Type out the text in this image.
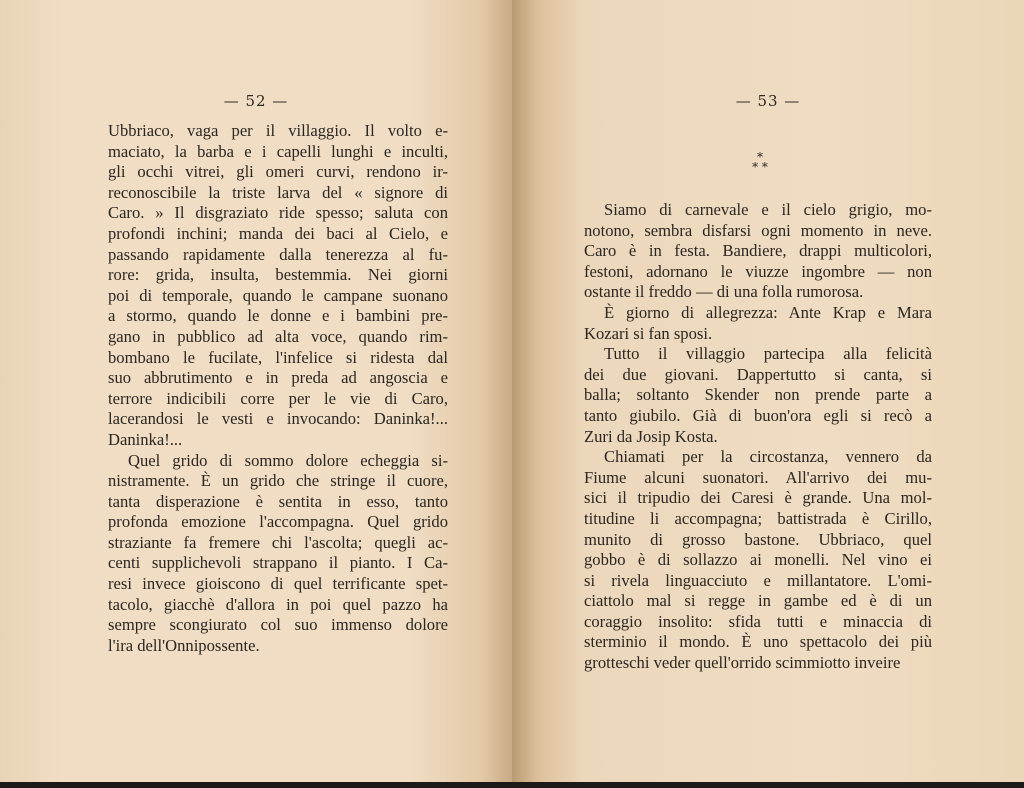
— 52 —
Ubbriaco, vaga per il villaggio. Il volto e-
maciato, la barba e i capelli lunghi e inculti,
gli occhi vitrei, gli omeri curvi, rendono ir-
reconoscibile la triste larva del « signore di
Caro. » Il disgraziato ride spesso; saluta con
profondi inchini; manda dei baci al Cielo, e
passando rapidamente dalla tenerezza al fu-
rore: grida, insulta, bestemmia. Nei giorni
poi di temporale, quando le campane suonano
a stormo, quando le donne e i bambini pre-
gano in pubblico ad alta voce, quando rim-
bombano le fucilate, l'infelice si ridesta dal
suo abbrutimento e in preda ad angoscia e
terrore indicibili corre per le vie di Caro,
lacerandosi le vesti e invocando: Daninka!...
Daninka!...
Quel grido di sommo dolore echeggia si-
nistramente. È un grido che stringe il cuore,
tanta disperazione è sentita in esso, tanto
profonda emozione l'accompagna. Quel grido
straziante fa fremere chi l'ascolta; quegli ac-
centi supplichevoli strappano il pianto. I Ca-
resi invece gioiscono di quel terrificante spet-
tacolo, giacchè d'allora in poi quel pazzo ha
sempre scongiurato col suo immenso dolore
l'ira dell'Onnipossente.
— 53 —
*
* *
Siamo di carnevale e il cielo grigio, mo-
notono, sembra disfarsi ogni momento in neve.
Caro è in festa. Bandiere, drappi multicolori,
festoni, adornano le viuzze ingombre — non
ostante il freddo — di una folla rumorosa.
È giorno di allegrezza: Ante Krap e Mara
Kozari si fan sposi.
Tutto il villaggio partecipa alla felicità
dei due giovani. Dappertutto si canta, si
balla; soltanto Skender non prende parte a
tanto giubilo. Già di buon'ora egli si recò a
Zuri da Josip Kosta.
Chiamati per la circostanza, vennero da
Fiume alcuni suonatori. All'arrivo dei mu-
sici il tripudio dei Caresi è grande. Una mol-
titudine li accompagna; battistrada è Cirillo,
munito di grosso bastone. Ubbriaco, quel
gobbo è di sollazzo ai monelli. Nel vino ei
si rivela linguacciuto e millantatore. L'omi-
ciattolo mal si regge in gambe ed è di un
coraggio insolito: sfida tutti e minaccia di
sterminio il mondo. È uno spettacolo dei più
grotteschi veder quell'orrido scimmiotto inveire
